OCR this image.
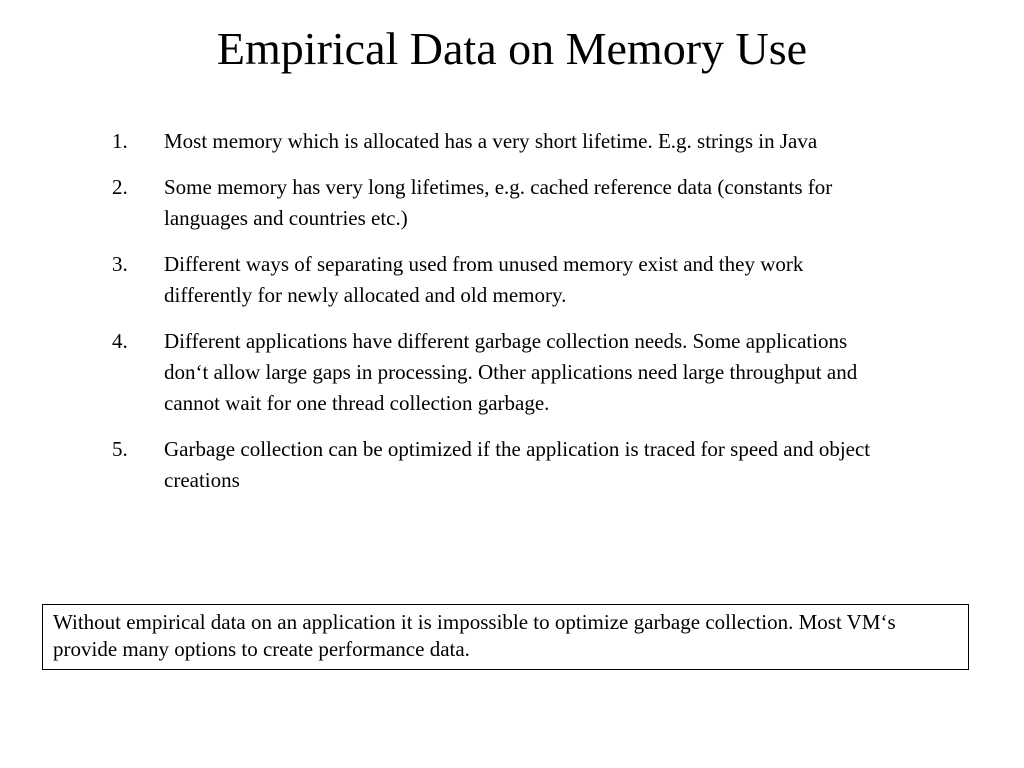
Empirical Data on Memory Use
1. Most memory which is allocated has a very short lifetime. E.g. strings in Java
2. Some memory has very long lifetimes, e.g. cached reference data (constants for languages and countries etc.)
3. Different ways of separating used from unused memory exist and they work differently for newly allocated and old memory.
4. Different applications have different garbage collection needs. Some applications don‘t allow large gaps in processing. Other applications need large throughput and cannot wait for one thread collection garbage.
5. Garbage collection can be optimized if the application is traced for speed and object creations
Without empirical data on an application it is impossible to optimize garbage collection. Most VM‘s provide many options to create performance data.
